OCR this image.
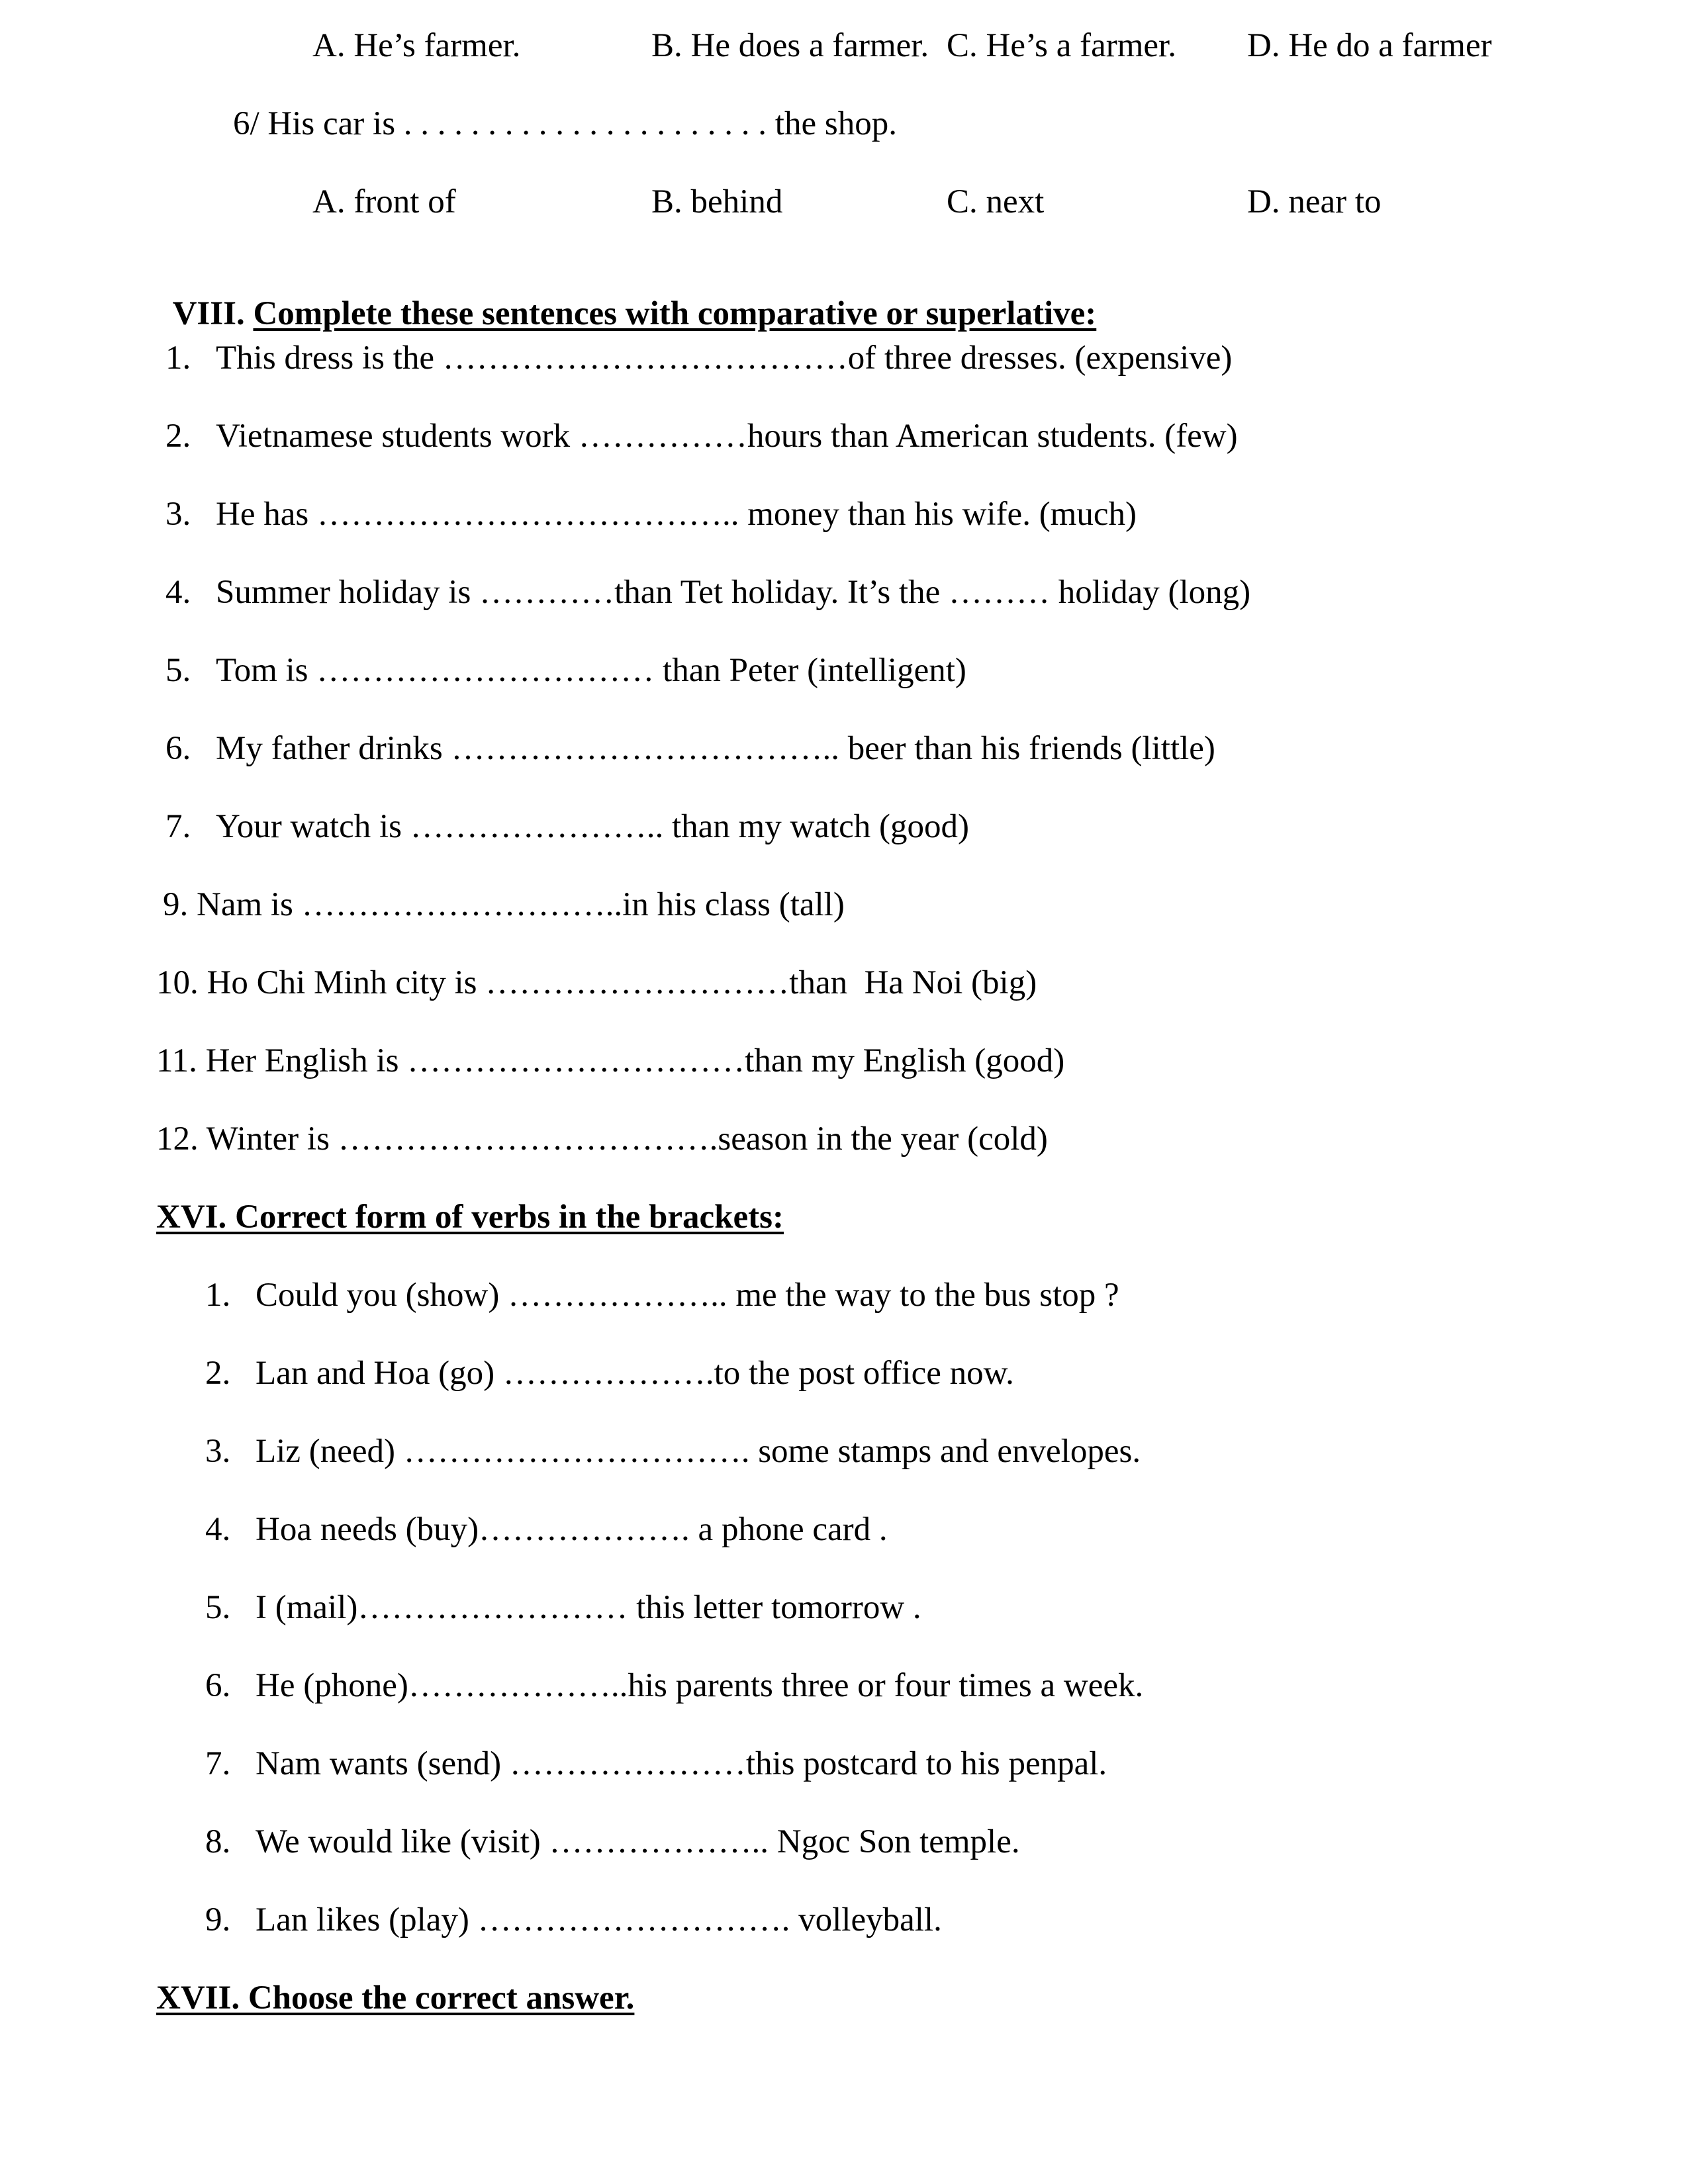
A. He’s farmer.	B. He does a farmer. C. He’s a farmer. D. He do a farmer
6/ His car is . . . . . . . . . . . . . . . . . . . . . . the shop.
A. front of	B. behind	C. next	D. near to

VIII. Complete these sentences with comparative or superlative:

1. This dress is the ………………………………of three dresses. (expensive)
2. Vietnamese students work ……………hours than American students. (few)
3. He has ……………………………….. money than his wife. (much)
4. Summer holiday is …………than Tet holiday. It’s the ……… holiday (long)
5. Tom is ………………………… than Peter (intelligent)
6. My father drinks …………………………….. beer than his friends (little)
7. Your watch is ………………….. than my watch (good)
9. Nam is ………………………..in his class (tall)
10. Ho Chi Minh city is ………………………than  Ha Noi (big)
11. Her English is …………………………than my English (good)
12. Winter is …………………………….season in the year (cold)
XVI. Correct form of verbs in the brackets:
1. Could you (show) ……………….. me the way to the bus stop ?
2. Lan and Hoa (go) ……………….to the post office now.
3. Liz (need) …………………………. some stamps and envelopes.
4. Hoa needs (buy)………………. a phone card .
5. I (mail)…………………… this letter tomorrow .
6. He (phone)………………..his parents three or four times a week.
7. Nam wants (send) …………………this postcard to his penpal.
8. We would like (visit) ……………….. Ngoc Son temple.
9. Lan likes (play) ………………………. volleyball.
XVII. Choose the correct answer.
